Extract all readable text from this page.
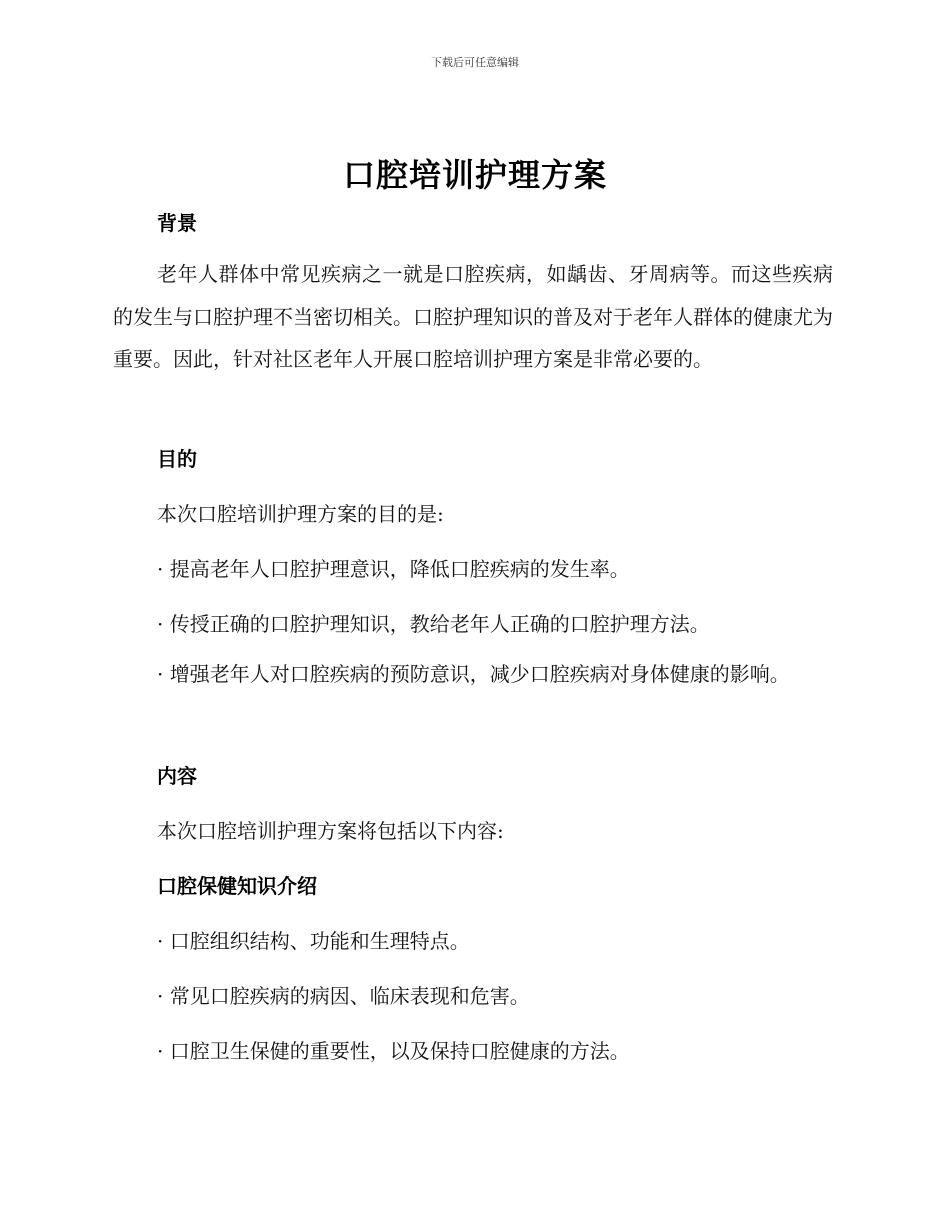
下载后可任意编辑
口腔培训护理方案
背景

老年人群体中常见疾病之一就是口腔疾病，如龋齿、牙周病等。而这些疾病的发生与口腔护理不当密切相关。口腔护理知识的普及对于老年人群体的健康尤为重要。因此，针对社区老年人开展口腔培训护理方案是非常必要的。

目的

本次口腔培训护理方案的目的是:

· 提高老年人口腔护理意识，降低口腔疾病的发生率。

· 传授正确的口腔护理知识，教给老年人正确的口腔护理方法。

· 增强老年人对口腔疾病的预防意识，减少口腔疾病对身体健康的影响。

内容

本次口腔培训护理方案将包括以下内容:

口腔保健知识介绍

· 口腔组织结构、功能和生理特点。

· 常见口腔疾病的病因、临床表现和危害。

· 口腔卫生保健的重要性，以及保持口腔健康的方法。
